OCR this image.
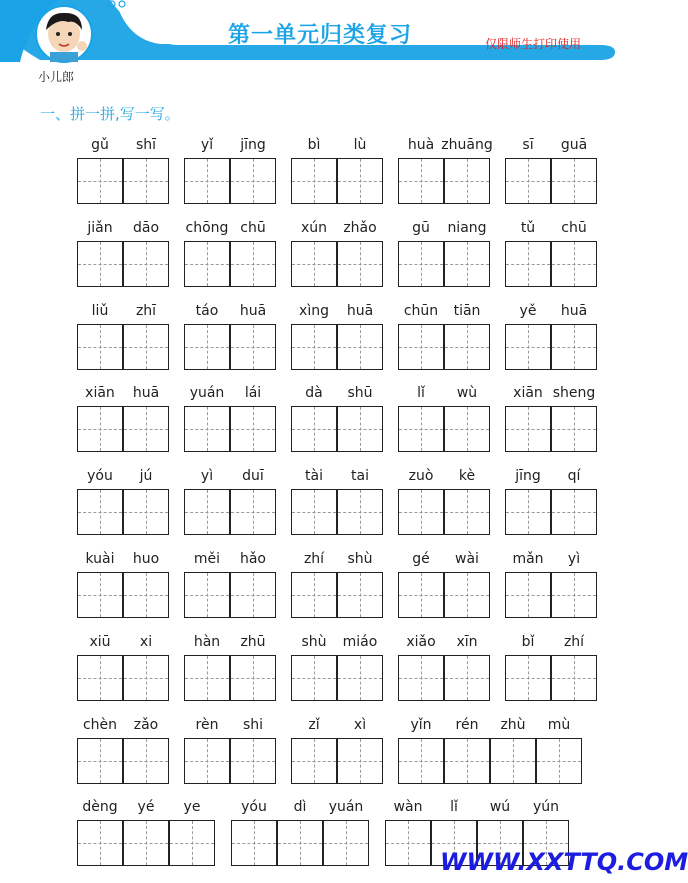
小儿郎
第一单元归类复习	仅限师生打印使用
一、拼一拼,写一写。
gǔ	shī	yǐ	jīng	bì	lù	huà zhuāng	sī	guā
jiǎn	dāo	chōng chū	xún	zhǎo	gū	niang	tǔ	chū
liǔ	zhī	táo	huā	xìng	huā	chūn	tiān	yě	huā
xiān	huā	yuán	lái	dà	shū	lǐ	wù	xiān sheng
yóu	jú	yì	duī	tài	tai	zuò	kè	jīng	qí
kuài	huo	měi	hǎo	zhí	shù	gé	wài	mǎn	yì
xiū	xi	hàn	zhū	shù	miáo	xiǎo	xīn	bǐ	zhí
chèn	zǎo	rèn	shi	zǐ	xì	yǐn	rén	zhù	mù
dèng	yé	ye	yóu	dì	yuán	wàn	lǐ	wú	yún
WWW.XXTTQ.COM
